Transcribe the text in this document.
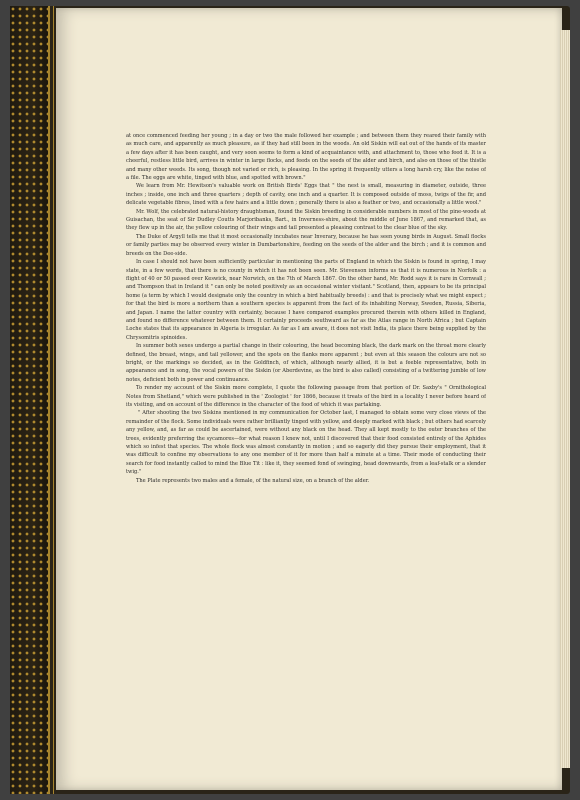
at once commenced feeding her young ; in a day or two the male followed her example ; and between them they reared their family with as much care, and apparently as much pleasure, as if they had still been in the woods. An old Siskin will eat out of the hands of its master a few days after it has been caught, and very soon seems to form a kind of acquaintance with, and attachment to, those who feed it. It is a cheerful, restless little bird, arrives in winter in large flocks, and feeds on the seeds of the alder and birch, and also on those of the thistle and many other weeds. Its song, though not varied or rich, is pleasing. In the spring it frequently utters a long harsh cry, like the noise of a file. The eggs are white, tinged with blue, and spotted with brown."

We learn from Mr. Hewitson's valuable work on British Birds' Eggs that " the nest is small, measuring in diameter, outside, three inches ; inside, one inch and three quarters ; depth of cavity, one inch and a quarter. It is composed outside of moss, twigs of the fir, and delicate vegetable fibres, lined with a few hairs and a little down ; generally there is also a feather or two, and occasionally a little wool."

Mr. Wolf, the celebrated natural-history draughtsman, found the Siskin breeding in considerable numbers in most of the pine-woods at Guisachan, the seat of Sir Dudley Coutts Marjoribanks, Bart., in Inverness-shire, about the middle of June 1867, and remarked that, as they flew up in the air, the yellow colouring of their wings and tail presented a pleasing contrast to the clear blue of the sky.

The Duke of Argyll tells me that it most occasionally incubates near Inverary, because he has seen young birds in August. Small flocks or family parties may be observed every winter in Dumbartonshire, feeding on the seeds of the alder and the birch ; and it is common and breeds on the Dee-side.

In case I should not have been sufficiently particular in mentioning the parts of England in which the Siskin is found in spring, I may state, in a few words, that there is no county in which it has not been seen. Mr. Stevenson informs us that it is numerous in Norfolk : a flight of 40 or 50 passed over Keswick, near Norwich, on the 7th of March 1867. On the other hand, Mr. Rodd says it is rare in Cornwall ; and Thompson that in Ireland it " can only be noted positively as an occasional winter visitant." Scotland, then, appears to be its principal home (a term by which I would designate only the country in which a bird habitually breeds) : and that is precisely what we might expect ; for that the bird is more a northern than a southern species is apparent from the fact of its inhabiting Norway, Sweden, Russia, Siberia, and Japan. I name the latter country with certainty, because I have compared examples procured therein with others killed in England, and found no difference whatever between them. It certainly proceeds southward as far as the Atlas range in North Africa ; but Captain Loche states that its appearance in Algeria is irregular. As far as I am aware, it does not visit India, its place there being supplied by the Chrysomitris spinoides.

In summer both sexes undergo a partial change in their colouring, the head becoming black, the dark mark on the throat more clearly defined, the breast, wings, and tail yellower, and the spots on the flanks more apparent ; but even at this season the colours are not so bright, or the markings so decided, as in the Goldfinch, of which, although nearly allied, it is but a feeble representative, both in appearance and in song, the vocal powers of the Siskin (or Aberdevine, as the bird is also called) consisting of a twittering jumble of low notes, deficient both in power and continuance.

To render my account of the Siskin more complete, I quote the following passage from that portion of Dr. Saxby's " Ornithological Notes from Shetland," which were published in the ' Zoologist ' for 1866, because it treats of the bird in a locality I never before heard of its visiting, and on account of the difference in the character of the food of which it was partaking.

" After shooting the two Siskins mentioned in my communication for October last, I managed to obtain some very close views of the remainder of the flock. Some individuals were rather brilliantly tinged with yellow, and deeply marked with black ; but others had scarcely any yellow, and, as far as could be ascertained, were without any black on the head. They all kept mostly to the outer branches of the trees, evidently preferring the sycamores—for what reason I knew not, until I discovered that their food consisted entirely of the Aphides which so infest that species. The whole flock was almost constantly in motion ; and so eagerly did they pursue their employment, that it was difficult to confine my observations to any one member of it for more than half a minute at a time. Their mode of conducting their search for food instantly called to mind the Blue Tit : like it, they seemed fond of swinging, head downwards, from a leaf-stalk or a slender twig."

The Plate represents two males and a female, of the natural size, on a branch of the alder.
